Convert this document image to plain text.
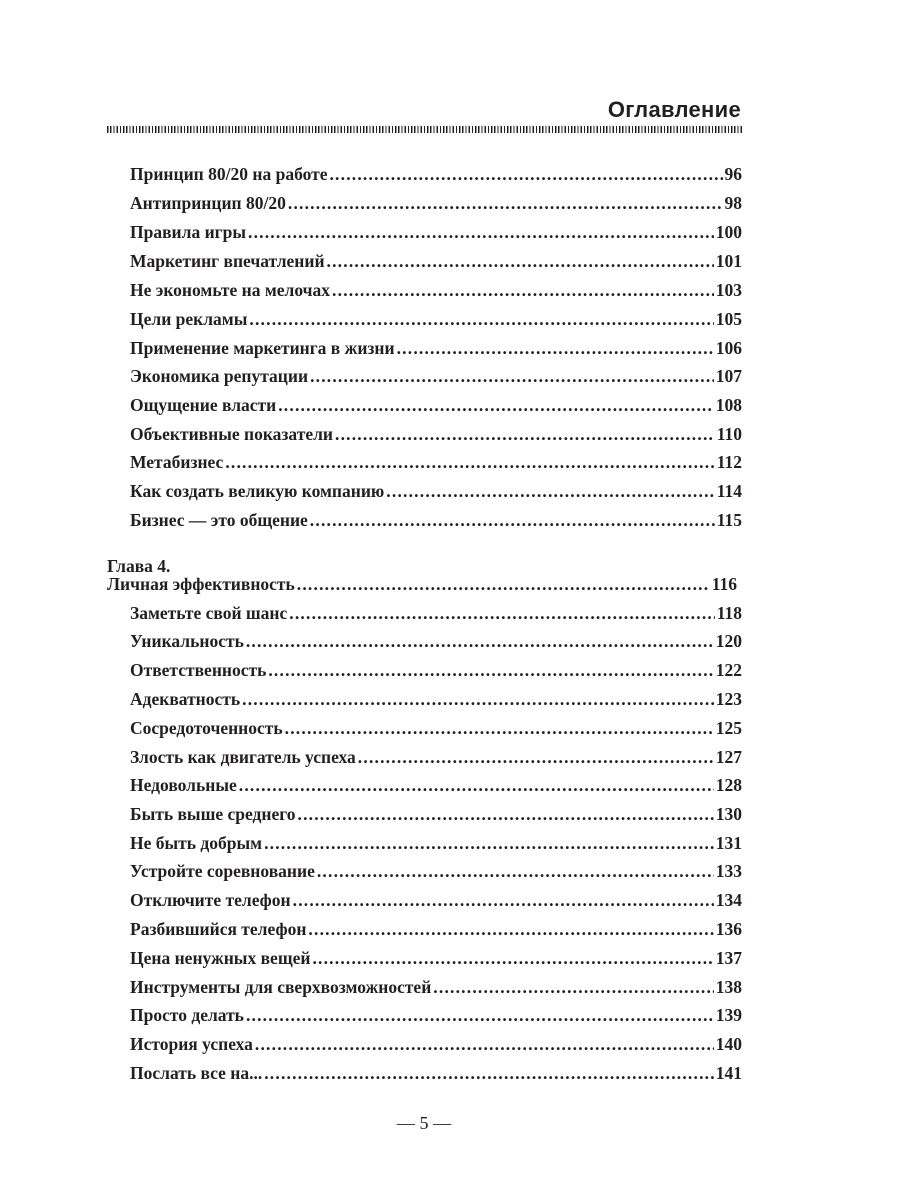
Оглавление
Принцип 80/20 на работе .....	96
Антипринцип 80/20 .....	98
Правила игры .....	100
Маркетинг впечатлений .....	101
Не экономьте на мелочах .....	103
Цели рекламы .....	105
Применение маркетинга в жизни .....	106
Экономика репутации .....	107
Ощущение власти .....	108
Объективные показатели .....	110
Метабизнес .....	112
Как создать великую компанию .....	114
Бизнес — это общение .....	115
Глава 4.
Личная эффективность .....	116
Заметьте свой шанс .....	118
Уникальность .....	120
Ответственность .....	122
Адекватность .....	123
Сосредоточенность .....	125
Злость как двигатель успеха .....	127
Недовольные .....	128
Быть выше среднего .....	130
Не быть добрым .....	131
Устройте соревнование .....	133
Отключите телефон .....	134
Разбившийся телефон .....	136
Цена ненужных вещей .....	137
Инструменты для сверхвозможностей .....	138
Просто делать .....	139
История успеха .....	140
Послать все на... .....	141
— 5 —
